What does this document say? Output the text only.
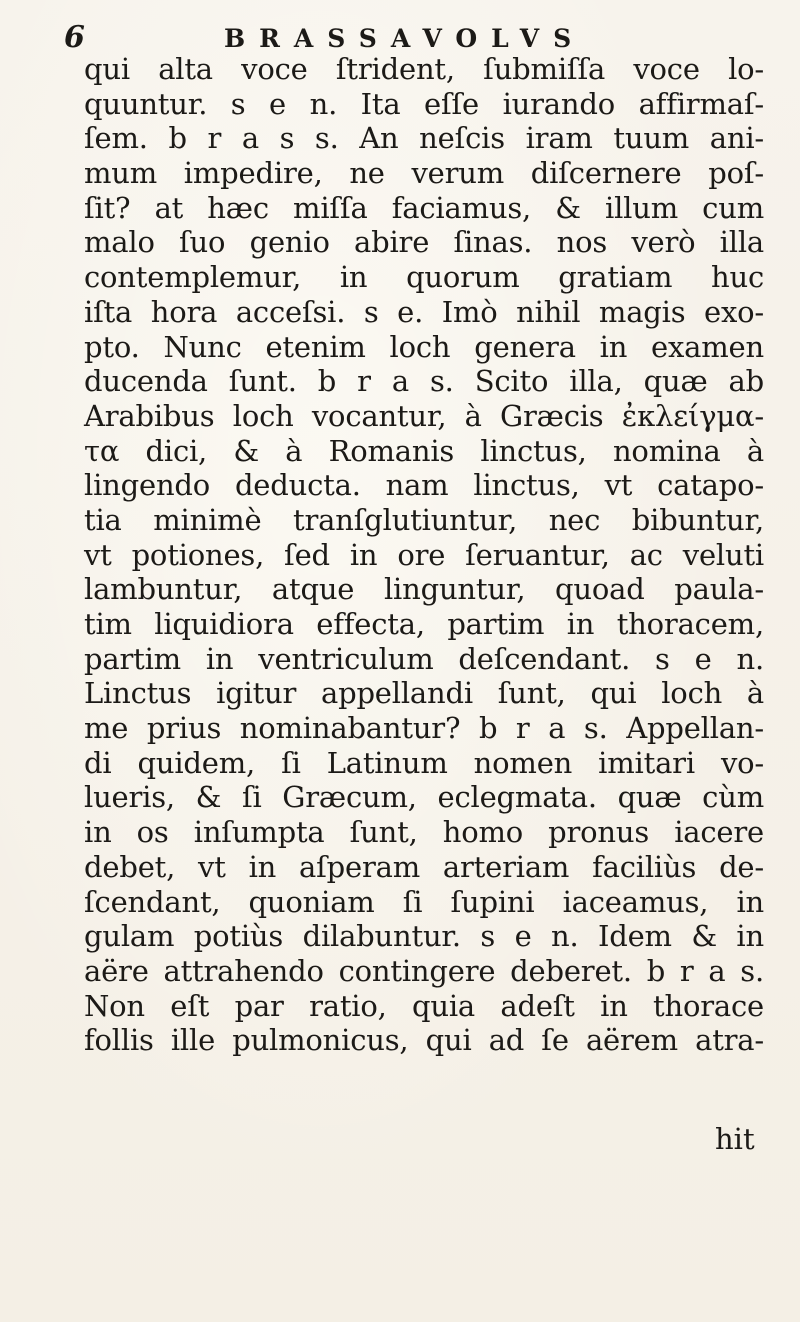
6	BRASSAVOLVS
qui alta voce ſtrident, ſubmiſſa voce lo-
quuntur. s e n. Ita eſſe iurando affirmaſ-
ſem. b r a s s. An neſcis iram tuum ani-
mum impedire, ne verum diſcernere poſ-
ſit? at hæc miſſa faciamus, & illum cum
malo ſuo genio abire ſinas. nos verò illa
contemplemur, in quorum gratiam huc
iſta hora acceſsi. s e. Imò nihil magis exo-
pto. Nunc etenim loch genera in examen
ducenda ſunt. b r a s. Scito illa, quæ ab
Arabibus loch vocantur, à Græcis ἐκλείγμα-
τα dici, & à Romanis linctus, nomina à
lingendo deducta. nam linctus, vt catapo-
tia minimè tranſglutiuntur, nec bibuntur,
vt potiones, ſed in ore ſeruantur, ac veluti
lambuntur, atque linguntur, quoad paula-
tim liquidiora effecta, partim in thoracem,
partim in ventriculum deſcendant. s e n.
Linctus igitur appellandi ſunt, qui loch à
me prius nominabantur? b r a s. Appellan-
di quidem, ſi Latinum nomen imitari vo-
lueris, & ſi Græcum, eclegmata. quæ cùm
in os inſumpta ſunt, homo pronus iacere
debet, vt in aſperam arteriam faciliùs de-
ſcendant, quoniam ſi ſupini iaceamus, in
gulam potiùs dilabuntur. s e n. Idem & in
aëre attrahendo contingere deberet. b r a s.
Non eſt par ratio, quia adeſt in thorace
follis ille pulmonicus, qui ad ſe aërem atra-
hit
